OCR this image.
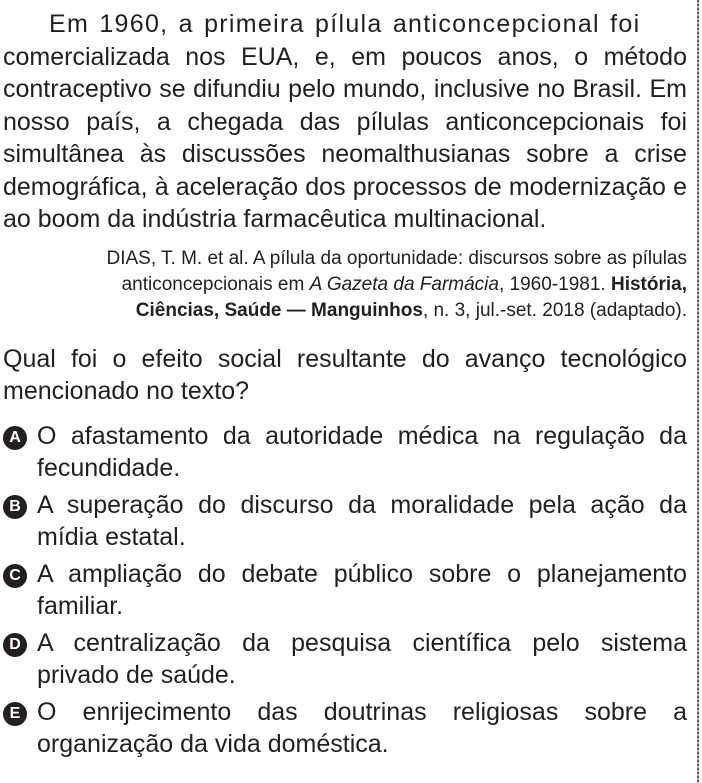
Em 1960, a primeira pílula anticoncepcional foi
comercializada nos EUA, e, em poucos anos, o método contraceptivo se difundiu pelo mundo, inclusive no Brasil. Em nosso país, a chegada das pílulas anticoncepcionais foi simultânea às discussões neomalthusianas sobre a crise demográfica, à aceleração dos processos de modernização e ao boom da indústria farmacêutica multinacional.

DIAS, T. M. et al. A pílula da oportunidade: discursos sobre as pílulas
anticoncepcionais em A Gazeta da Farmácia, 1960-1981. História,
Ciências, Saúde — Manguinhos, n. 3, jul.-set. 2018 (adaptado).

Qual foi o efeito social resultante do avanço tecnológico mencionado no texto?

A O afastamento da autoridade médica na regulação da fecundidade.
B A superação do discurso da moralidade pela ação da mídia estatal.
C A ampliação do debate público sobre o planejamento familiar.
D A centralização da pesquisa científica pelo sistema privado de saúde.
E O enrijecimento das doutrinas religiosas sobre a organização da vida doméstica.
